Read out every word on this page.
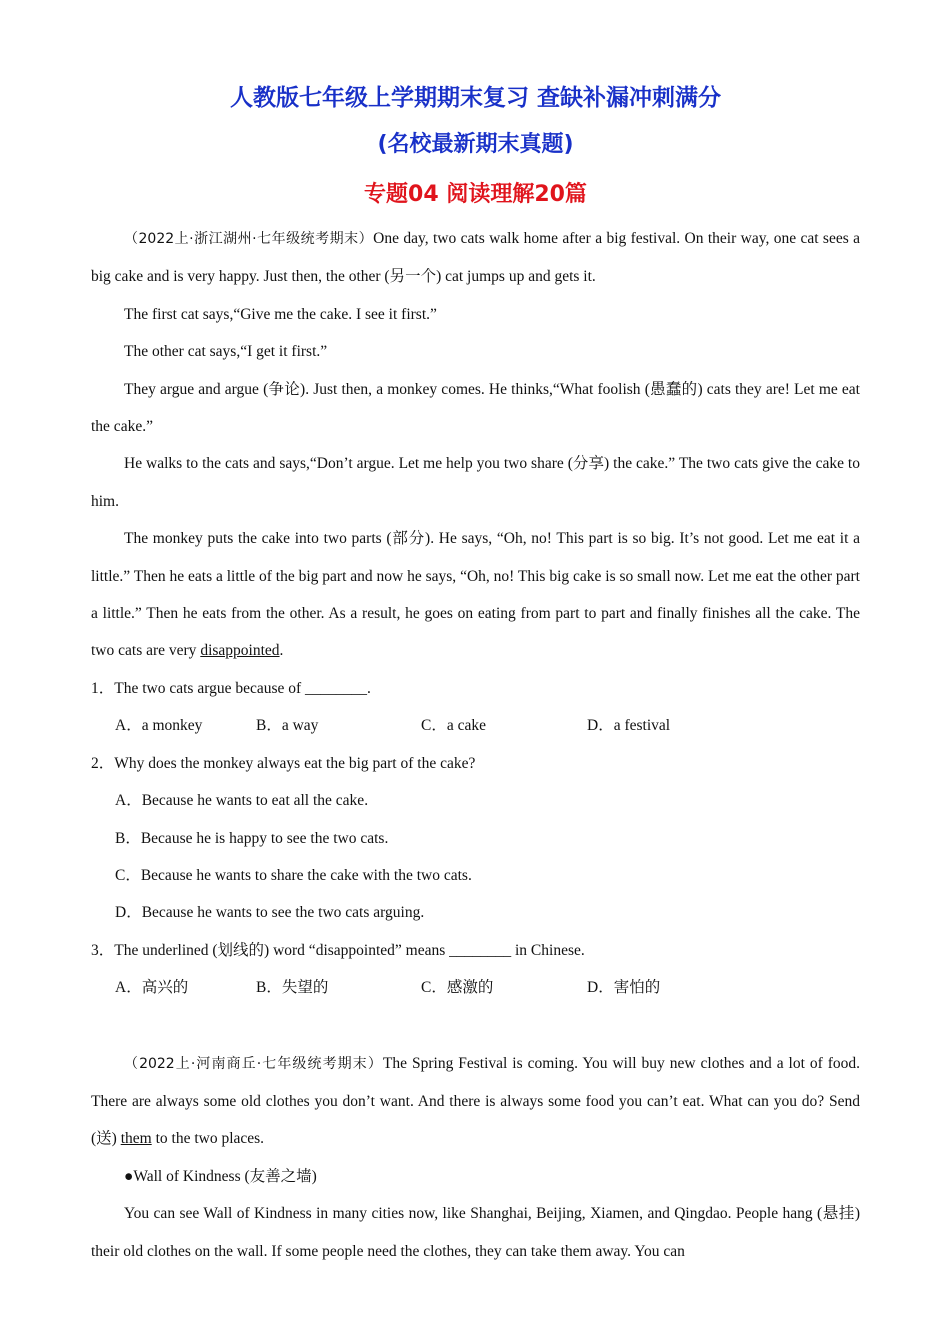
人教版七年级上学期期末复习 查缺补漏冲刺满分

(名校最新期末真题)

专题04 阅读理解20篇

（2022上·浙江湖州·七年级统考期末）One day, two cats walk home after a big festival. On their way, one cat sees a big cake and is very happy. Just then, the other (另一个) cat jumps up and gets it.

The first cat says,“Give me the cake. I see it first.”

The other cat says,“I get it first.”

They argue and argue (争论). Just then, a monkey comes. He thinks,“What foolish (愚蠢的) cats they are! Let me eat the cake.”

He walks to the cats and says,“Don’t argue. Let me help you two share (分享) the cake.” The two cats give the cake to him.

The monkey puts the cake into two parts (部分). He says, “Oh, no! This part is so big. It’s not good. Let me eat it a little.” Then he eats a little of the big part and now he says, “Oh, no! This big cake is so small now. Let me eat the other part a little.” Then he eats from the other. As a result, he goes on eating from part to part and finally finishes all the cake. The two cats are very disappointed.

1．The two cats argue because of ________.

A．a monkey	B．a way	C．a cake	D．a festival

2．Why does the monkey always eat the big part of the cake?

A．Because he wants to eat all the cake.

B．Because he is happy to see the two cats.

C．Because he wants to share the cake with the two cats.

D．Because he wants to see the two cats arguing.

3．The underlined (划线的) word “disappointed” means ________ in Chinese.

A．高兴的	B．失望的	C．感激的	D．害怕的

（2022上·河南商丘·七年级统考期末）The Spring Festival is coming. You will buy new clothes and a lot of food. There are always some old clothes you don’t want. And there is always some food you can’t eat. What can you do? Send (送) them to the two places.

●Wall of Kindness (友善之墙)

You can see Wall of Kindness in many cities now, like Shanghai, Beijing, Xiamen, and Qingdao. People hang (悬挂) their old clothes on the wall. If some people need the clothes, they can take them away. You can
